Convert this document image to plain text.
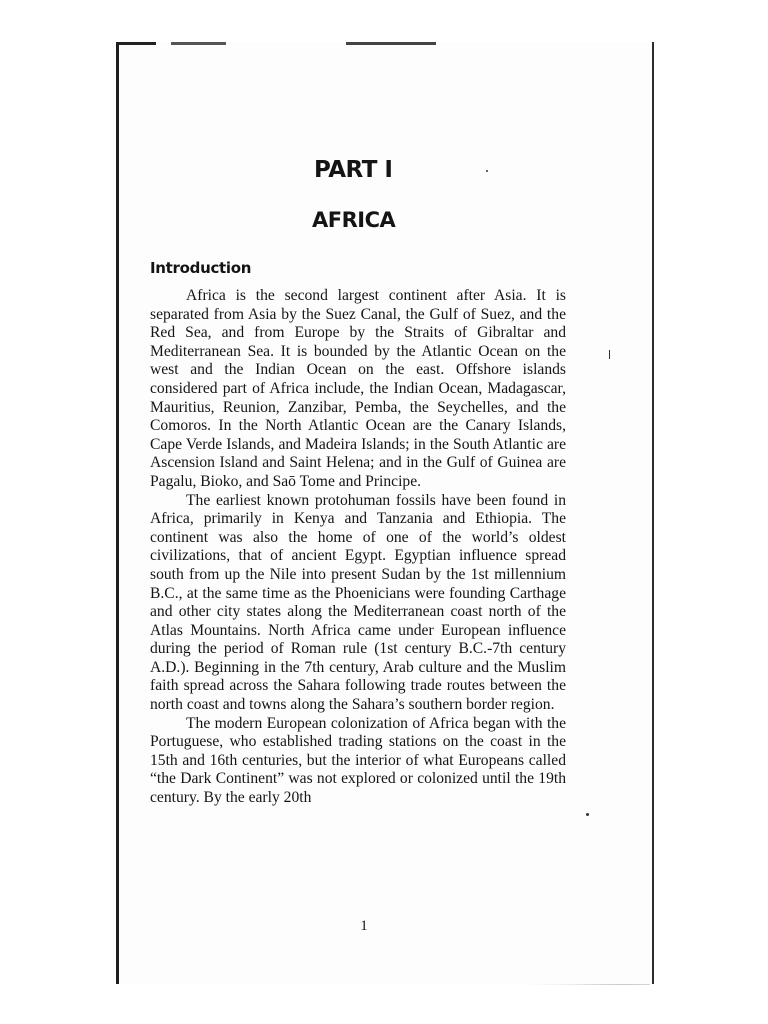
PART I
AFRICA
Introduction

Africa is the second largest continent after Asia. It is separated from Asia by the Suez Canal, the Gulf of Suez, and the Red Sea, and from Europe by the Straits of Gibraltar and Mediterranean Sea. It is bounded by the Atlantic Ocean on the west and the Indian Ocean on the east. Offshore islands considered part of Africa include, the Indian Ocean, Madagascar, Mauritius, Reunion, Zanzibar, Pemba, the Seychelles, and the Comoros. In the North Atlantic Ocean are the Canary Islands, Cape Verde Islands, and Madeira Islands; in the South Atlantic are Ascension Island and Saint Helena; and in the Gulf of Guinea are Pagalu, Bioko, and Saō Tome and Principe.

The earliest known protohuman fossils have been found in Africa, primarily in Kenya and Tanzania and Ethiopia. The continent was also the home of one of the world’s oldest civilizations, that of ancient Egypt. Egyptian influence spread south from up the Nile into present Sudan by the 1st millennium B.C., at the same time as the Phoenicians were founding Carthage and other city states along the Mediterranean coast north of the Atlas Mountains. North Africa came under European influence during the period of Roman rule (1st century B.C.-7th century A.D.). Beginning in the 7th century, Arab culture and the Muslim faith spread across the Sahara following trade routes between the north coast and towns along the Sahara’s southern border region.

The modern European colonization of Africa began with the Portuguese, who established trading stations on the coast in the 15th and 16th centuries, but the interior of what Europeans called “the Dark Continent” was not explored or colonized until the 19th century. By the early 20th

1
